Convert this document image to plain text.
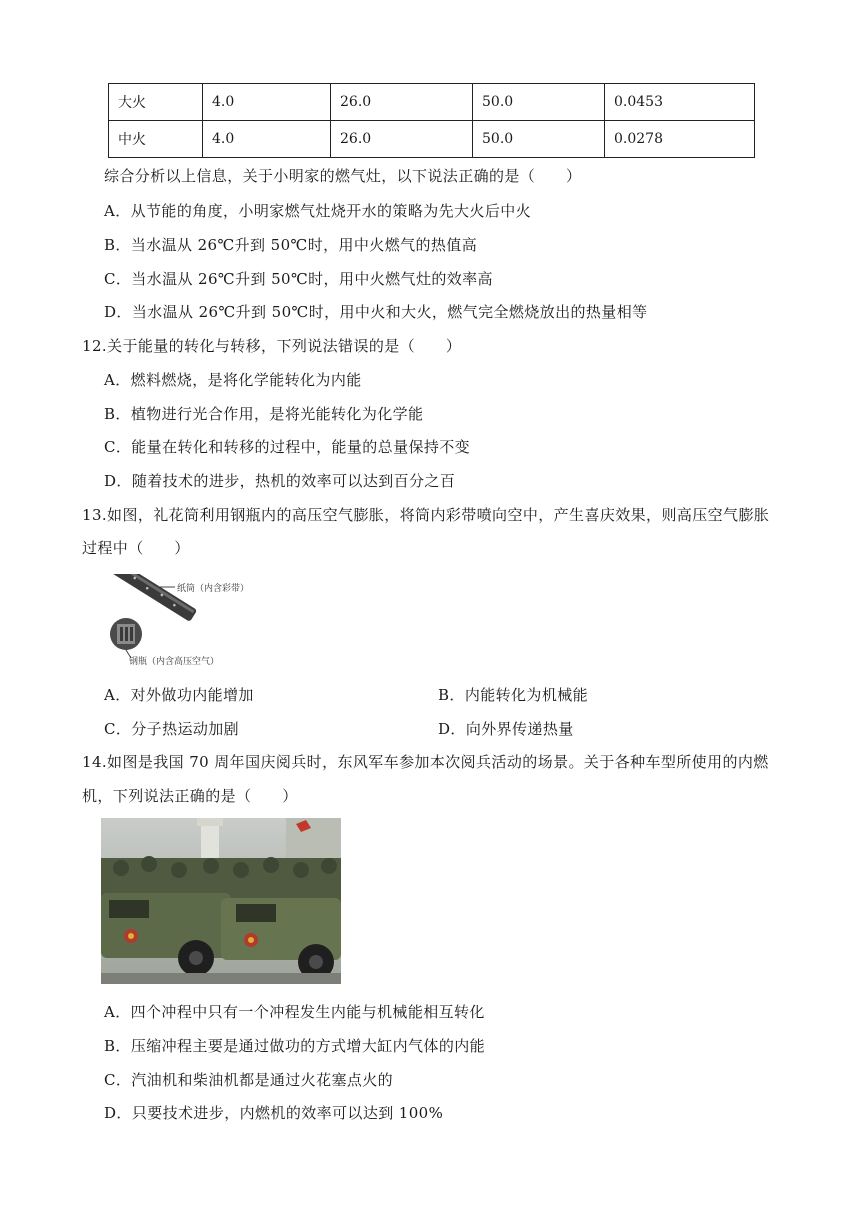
大火	4.0	26.0	50.0	0.0453
中火	4.0	26.0	50.0	0.0278
综合分析以上信息，关于小明家的燃气灶，以下说法正确的是（　　）
A．从节能的角度，小明家燃气灶烧开水的策略为先大火后中火
B．当水温从 26℃升到 50℃时，用中火燃气的热值高
C．当水温从 26℃升到 50℃时，用中火燃气灶的效率高
D．当水温从 26℃升到 50℃时，用中火和大火，燃气完全燃烧放出的热量相等
12.关于能量的转化与转移，下列说法错误的是（　　）
A．燃料燃烧，是将化学能转化为内能
B．植物进行光合作用，是将光能转化为化学能
C．能量在转化和转移的过程中，能量的总量保持不变
D．随着技术的进步，热机的效率可以达到百分之百
13.如图，礼花筒利用钢瓶内的高压空气膨胀，将筒内彩带喷向空中，产生喜庆效果，则高压空气膨胀
过程中（　　）
纸筒（内含彩带）
钢瓶（内含高压空气）
A．对外做功内能增加	B．内能转化为机械能
C．分子热运动加剧	D．向外界传递热量
14.如图是我国 70 周年国庆阅兵时，东风军车参加本次阅兵活动的场景。关于各种车型所使用的内燃
机，下列说法正确的是（　　）
A．四个冲程中只有一个冲程发生内能与机械能相互转化
B．压缩冲程主要是通过做功的方式增大缸内气体的内能
C．汽油机和柴油机都是通过火花塞点火的
D．只要技术进步，内燃机的效率可以达到 100%
